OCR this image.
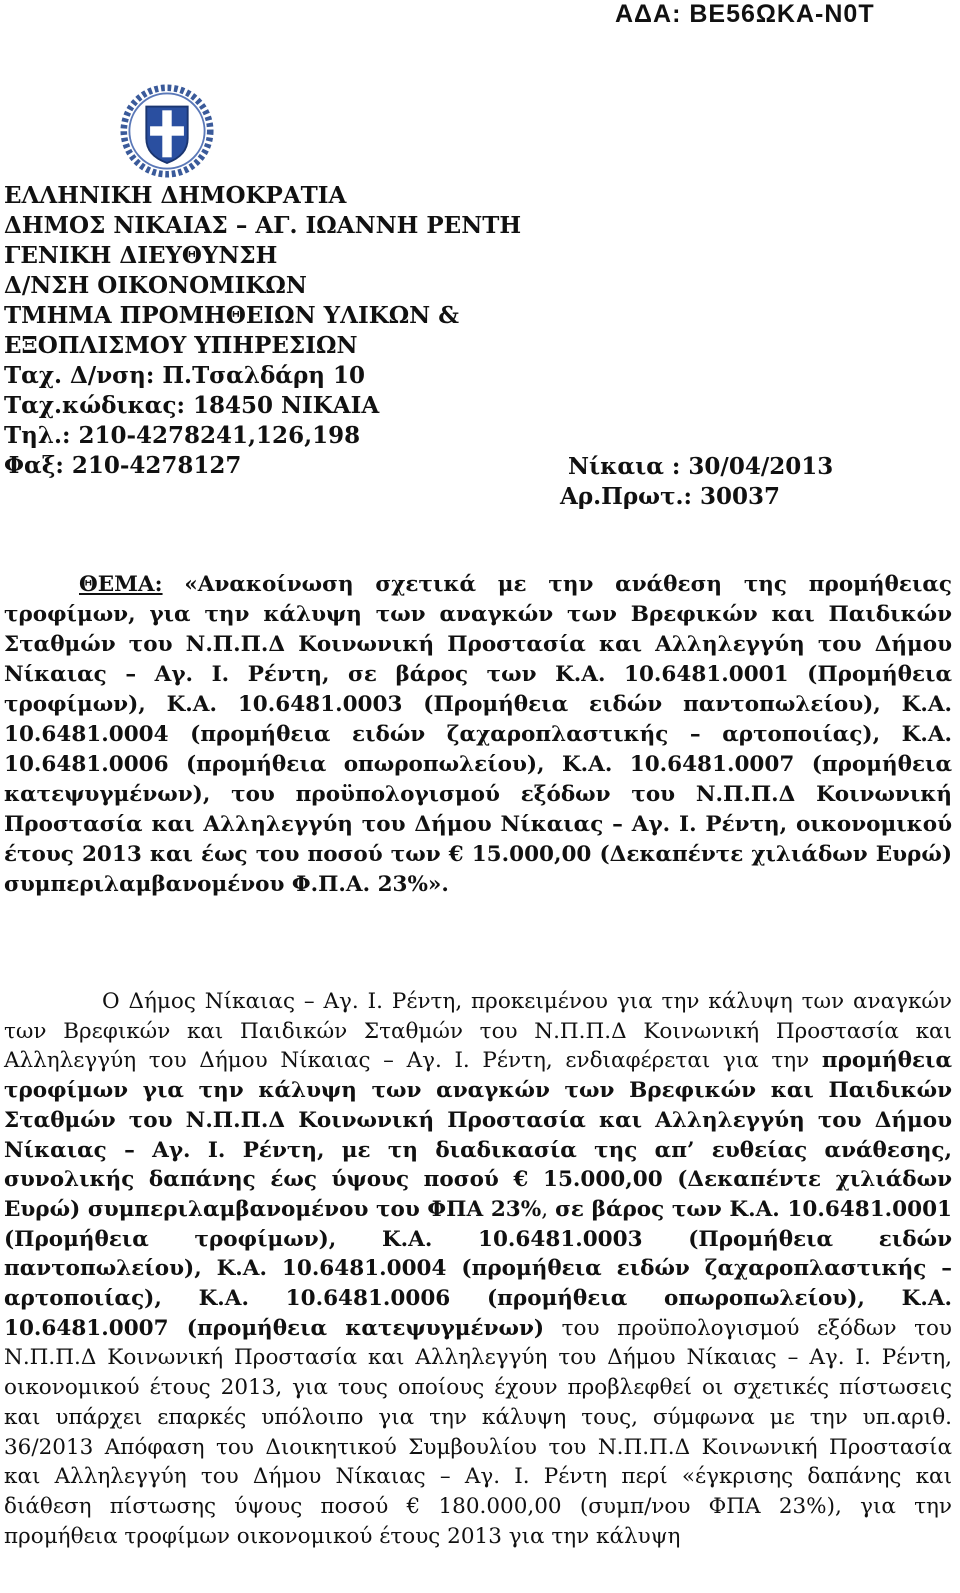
ΑΔΑ: ΒΕ56ΩΚΑ-Ν0Τ
ΕΛΛΗΝΙΚΗ ΔΗΜΟΚΡΑΤΙΑ
ΔΗΜΟΣ ΝΙΚΑΙΑΣ – ΑΓ. ΙΩΑΝΝΗ ΡΕΝΤΗ
ΓΕΝΙΚΗ ΔΙΕΥΘΥΝΣΗ
Δ/ΝΣΗ ΟΙΚΟΝΟΜΙΚΩΝ
ΤΜΗΜΑ ΠΡΟΜΗΘΕΙΩΝ ΥΛΙΚΩΝ &
ΕΞΟΠΛΙΣΜΟΥ ΥΠΗΡΕΣΙΩΝ
Ταχ. Δ/νση: Π.Τσαλδάρη 10
Ταχ.κώδικας: 18450 ΝΙΚΑΙΑ
Τηλ.: 210-4278241,126,198
Φαξ: 210-4278127	Νίκαια : 30/04/2013
Αρ.Πρωτ.: 30037
ΘΕΜΑ: «Ανακοίνωση σχετικά με την ανάθεση της προμήθειας τροφίμων, για την κάλυψη των αναγκών των Βρεφικών και Παιδικών Σταθμών του Ν.Π.Π.Δ Κοινωνική Προστασία και Αλληλεγγύη του Δήμου Νίκαιας – Αγ. Ι. Ρέντη, σε βάρος των Κ.Α. 10.6481.0001 (Προμήθεια τροφίμων), Κ.Α. 10.6481.0003 (Προμήθεια ειδών παντοπωλείου), Κ.Α. 10.6481.0004 (προμήθεια ειδών ζαχαροπλαστικής – αρτοποιίας), Κ.Α. 10.6481.0006 (προμήθεια οπωροπωλείου), Κ.Α. 10.6481.0007 (προμήθεια κατεψυγμένων), του προϋπολογισμού εξόδων του Ν.Π.Π.Δ Κοινωνική Προστασία και Αλληλεγγύη του Δήμου Νίκαιας – Αγ. Ι. Ρέντη, οικονομικού έτους 2013 και έως του ποσού των € 15.000,00 (Δεκαπέντε χιλιάδων Ευρώ) συμπεριλαμβανομένου Φ.Π.Α. 23%».
Ο Δήμος Νίκαιας – Αγ. Ι. Ρέντη, προκειμένου για την κάλυψη των αναγκών των Βρεφικών και Παιδικών Σταθμών του Ν.Π.Π.Δ Κοινωνική Προστασία και Αλληλεγγύη του Δήμου Νίκαιας – Αγ. Ι. Ρέντη, ενδιαφέρεται για την προμήθεια τροφίμων για την κάλυψη των αναγκών των Βρεφικών και Παιδικών Σταθμών του Ν.Π.Π.Δ Κοινωνική Προστασία και Αλληλεγγύη του Δήμου Νίκαιας – Αγ. Ι. Ρέντη, με τη διαδικασία της απ’ ευθείας ανάθεσης, συνολικής δαπάνης έως ύψους ποσού € 15.000,00 (Δεκαπέντε χιλιάδων Ευρώ) συμπεριλαμβανομένου του ΦΠΑ 23%, σε βάρος των Κ.Α. 10.6481.0001 (Προμήθεια τροφίμων), Κ.Α. 10.6481.0003 (Προμήθεια ειδών παντοπωλείου), Κ.Α. 10.6481.0004 (προμήθεια ειδών ζαχαροπλαστικής – αρτοποιίας), Κ.Α. 10.6481.0006 (προμήθεια οπωροπωλείου), Κ.Α. 10.6481.0007 (προμήθεια κατεψυγμένων) του προϋπολογισμού εξόδων του Ν.Π.Π.Δ Κοινωνική Προστασία και Αλληλεγγύη του Δήμου Νίκαιας – Αγ. Ι. Ρέντη, οικονομικού έτους 2013, για τους οποίους έχουν προβλεφθεί οι σχετικές πίστωσεις και υπάρχει επαρκές υπόλοιπο για την κάλυψη τους, σύμφωνα με την υπ.αριθ. 36/2013 Απόφαση του Διοικητικού Συμβουλίου του Ν.Π.Π.Δ Κοινωνική Προστασία και Αλληλεγγύη του Δήμου Νίκαιας – Αγ. Ι. Ρέντη περί «έγκρισης δαπάνης και διάθεση πίστωσης ύψους ποσού € 180.000,00 (συμπ/νου ΦΠΑ 23%), για την προμήθεια τροφίμων οικονομικού έτους 2013 για την κάλυψη
